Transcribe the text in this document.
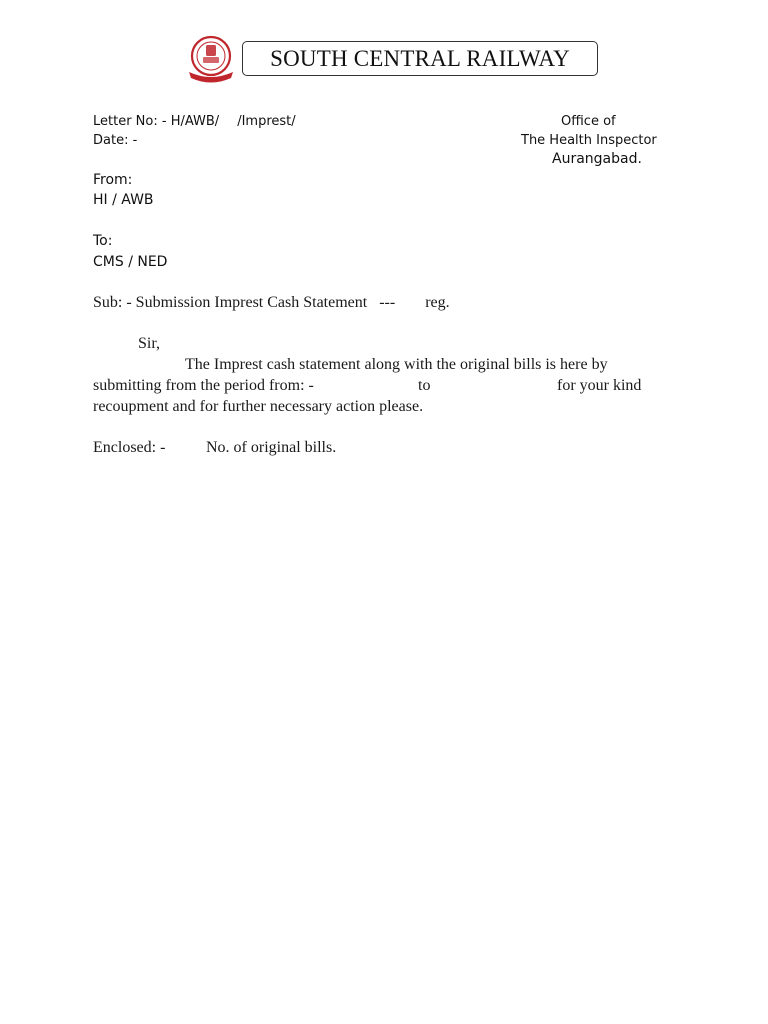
SOUTH CENTRAL RAILWAY
Letter No: - H/AWB/ /Imprest/
Date: -
Office of
The Health Inspector
Aurangabad.
From:
HI / AWB
To:
CMS / NED
Sub: - Submission Imprest Cash Statement --- reg.
Sir,
The Imprest cash statement along with the original bills is here by
submitting from the period from: -	to	for your kind
recoupment and for further necessary action please.
Enclosed: -	No. of original bills.
